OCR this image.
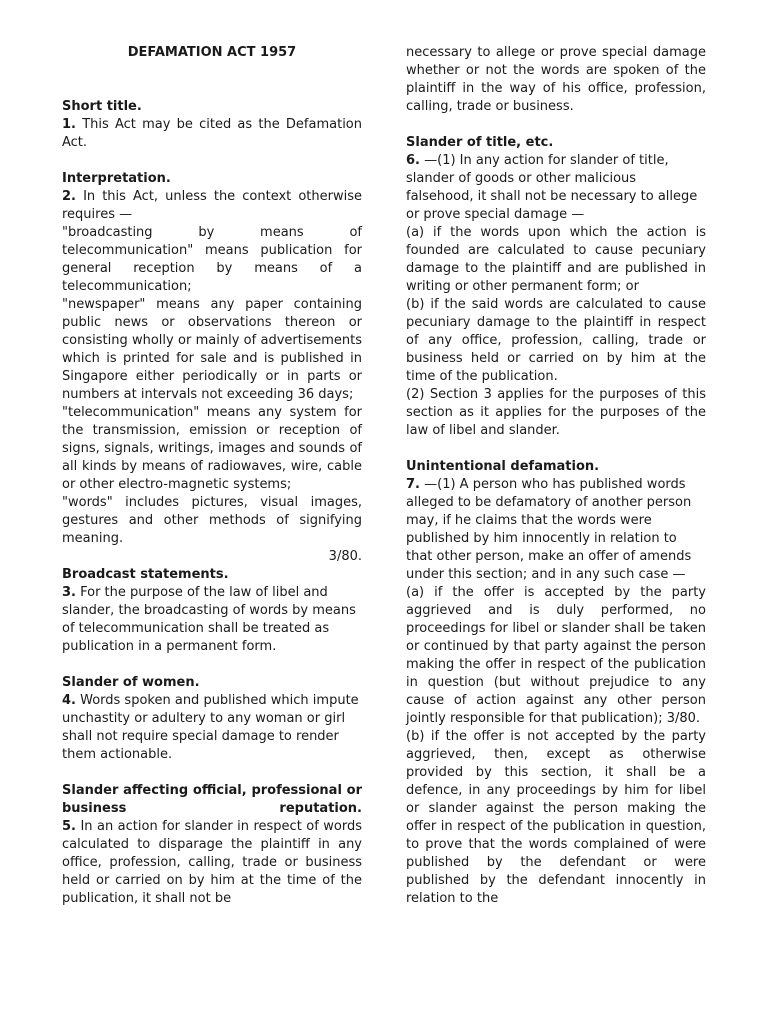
DEFAMATION ACT 1957

Short title.

1. This Act may be cited as the Defamation Act.

Interpretation.

2. In this Act, unless the context otherwise requires —

"broadcasting by means of telecommunication" means publication for general reception by means of a telecommunication;

"newspaper" means any paper containing public news or observations thereon or consisting wholly or mainly of advertisements which is printed for sale and is published in Singapore either periodically or in parts or numbers at intervals not exceeding 36 days;

"telecommunication" means any system for the transmission, emission or reception of signs, signals, writings, images and sounds of all kinds by means of radiowaves, wire, cable or other electro-magnetic systems;

"words" includes pictures, visual images, gestures and other methods of signifying meaning.

3/80.

Broadcast statements.

3. For the purpose of the law of libel and slander, the broadcasting of words by means of telecommunication shall be treated as publication in a permanent form.

Slander of women.

4. Words spoken and published which impute unchastity or adultery to any woman or girl shall not require special damage to render them actionable.

Slander affecting official, professional or business reputation.

5. In an action for slander in respect of words calculated to disparage the plaintiff in any office, profession, calling, trade or business held or carried on by him at the time of the publication, it shall not be

necessary to allege or prove special damage whether or not the words are spoken of the plaintiff in the way of his office, profession, calling, trade or business.

Slander of title, etc.

6. —(1) In any action for slander of title, slander of goods or other malicious falsehood, it shall not be necessary to allege or prove special damage —

(a) if the words upon which the action is founded are calculated to cause pecuniary damage to the plaintiff and are published in writing or other permanent form; or

(b) if the said words are calculated to cause pecuniary damage to the plaintiff in respect of any office, profession, calling, trade or business held or carried on by him at the time of the publication.

(2) Section 3 applies for the purposes of this section as it applies for the purposes of the law of libel and slander.

Unintentional defamation.

7. —(1) A person who has published words alleged to be defamatory of another person may, if he claims that the words were published by him innocently in relation to that other person, make an offer of amends under this section; and in any such case —

(a) if the offer is accepted by the party aggrieved and is duly performed, no proceedings for libel or slander shall be taken or continued by that party against the person making the offer in respect of the publication in question (but without prejudice to any cause of action against any other person jointly responsible for that publication); 3/80.

(b) if the offer is not accepted by the party aggrieved, then, except as otherwise provided by this section, it shall be a defence, in any proceedings by him for libel or slander against the person making the offer in respect of the publication in question, to prove that the words complained of were published by the defendant or were published by the defendant innocently in relation to the
